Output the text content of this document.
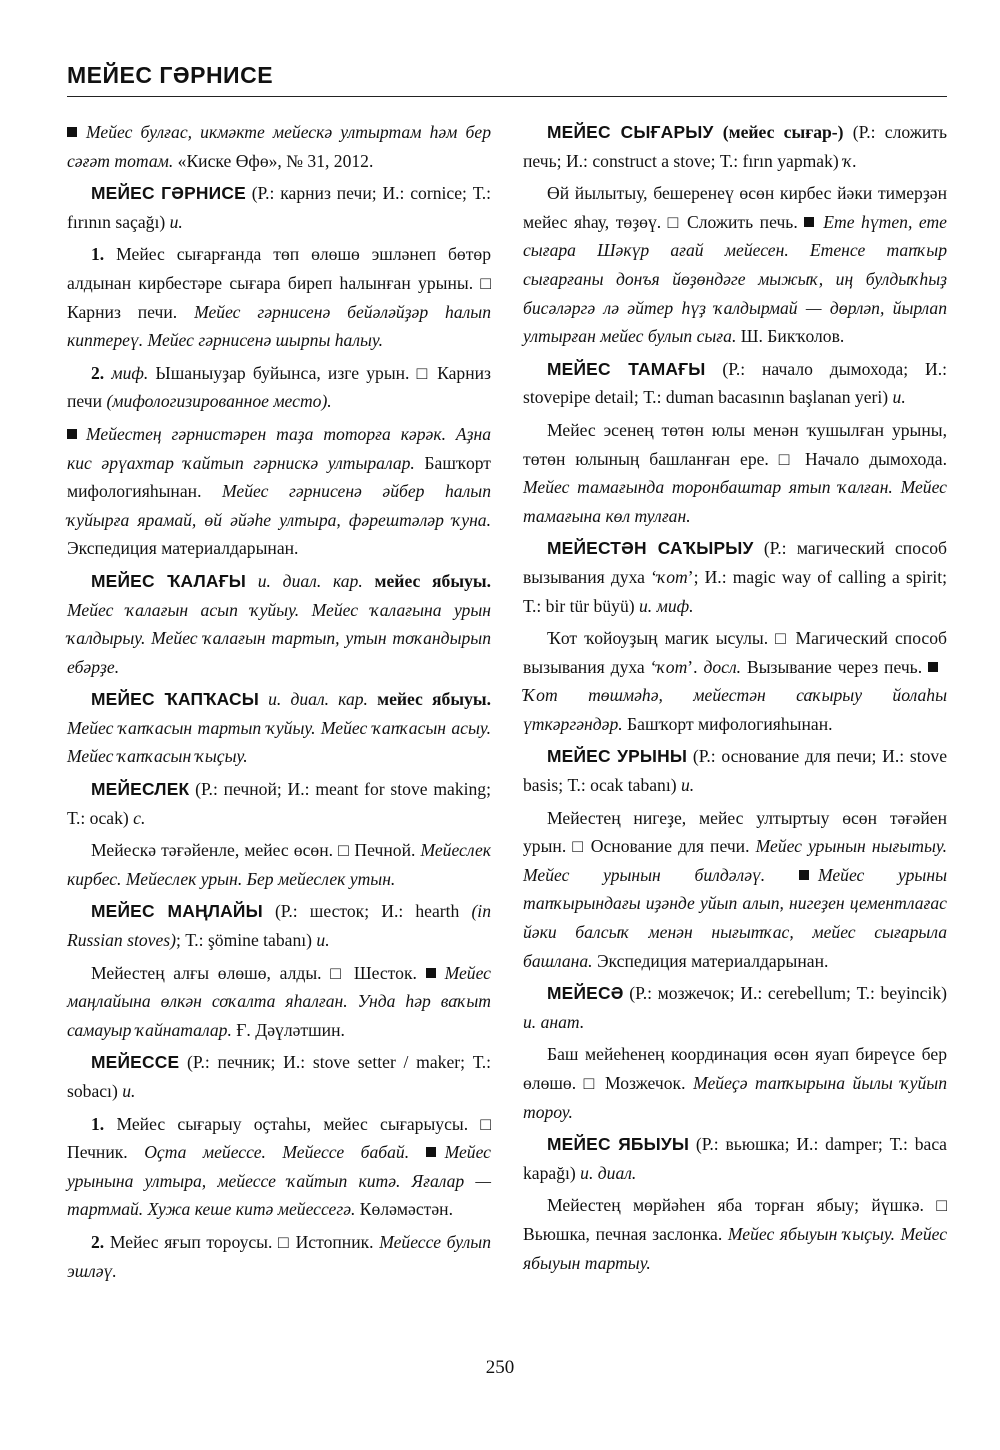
МЕЙЕС ГӘРНИСЕ

Мейес булғас, икмәкте мейескә ултыртам һәм бер сәғәт тотам. «Киске Өфө», № 31, 2012.

МЕЙЕС ГӘРНИСЕ (Р.: карниз печи; И.: cornice; Т.: fırının saçağı) и.

1. Мейес сығарғанда төп өлөшө эшләнеп бөтөр алдынан кирбестәре сығара биреп һалынған урыны. □ Карниз печи. Мейес гәрнисенә бейәләйҙәр һалып киптереү. Мейес гәрнисенә шырпы һалыу.

2. миф. Ышаныуҙар буйынса, изге урын. □ Карниз печи (мифологизированное место).

Мейестең гәрнистәрен таҙа тоторға кәрәк. Аҙна кис әрүахтар ҡайтып гәрнискә ултыралар. Башҡорт мифологияһынан. Мейес гәрнисенә әйбер һалып ҡуйырға ярамай, өй әйәһе ултыра, фәрештәләр ҡуна. Экспедиция материалдарынан.

МЕЙЕС ҠАЛАҒЫ и. диал. кар. мейес ябыуы. Мейес ҡалағын асып ҡуйыу. Мейес ҡалағына урын ҡалдырыу. Мейес ҡалағын тартып, утын тоҡандырып ебәрҙе.

МЕЙЕС ҠАПҠАСЫ и. диал. кар. мейес ябыуы. Мейес ҡапҡасын тартып ҡуйыу. Мейес ҡапҡасын асыу. Мейес ҡапҡасын ҡыҫыу.

МЕЙЕСЛЕК (Р.: печной; И.: meant for stove making; Т.: ocak) с.

Мейескә тәғәйенле, мейес өсөн. □ Печной. Мейеслек кирбес. Мейеслек урын. Бер мейеслек утын.

МЕЙЕС МАҢЛАЙЫ (Р.: шесток; И.: hearth (in Russian stoves); Т.: şömine tabanı) и.

Мейестең алғы өлөшө, алды. □ Шесток. Мейес маңлайына өлкән соҡалта яһалған. Унда һәр ваҡыт самауыр ҡайнаталар. Ғ. Дәүләтшин.

МЕЙЕССЕ (Р.: печник; И.: stove setter / maker; Т.: sobacı) и.

1. Мейес сығарыу оҫтаһы, мейес сығарыусы. □ Печник. Оҫта мейессе. Мейессе бабай. Мейес урынына ултыра, мейессе ҡайтып китә. Яғалар — тартмай. Хужа кеше китә мейессегә. Көләмәстән.

2. Мейес яғып тороусы. □ Истопник. Мейессе булып эшләү.

МЕЙЕС СЫҒАРЫУ (мейес сығар-) (Р.: сложить печь; И.: construct a stove; Т.: fırın yapmak) ҡ.

Өй йылытыу, бешеренеү өсөн кирбес йәки тимерҙән мейес яһау, төҙөү. □ Сложить печь. Ете һүтеп, ете сығара Шәкүр ағай мейесен. Етенсе тапҡыр сығарғаны донъя йөҙөндәге мыжыҡ, иң булдыҡһыҙ бисәләргә лә әйтер һүҙ ҡалдырмай — дөрләп, йырлап ултырған мейес булып сыға. Ш. Бикҡолов.

МЕЙЕС ТАМАҒЫ (Р.: начало дымохода; И.: stovepipe detail; Т.: duman bacasının başlanan yeri) и.

Мейес эсенең төтөн юлы менән ҡушылған урыны, төтөн юлының башланған ере. □ Начало дымохода. Мейес тамағында торонбаштар ятып ҡалған. Мейес тамағына көл тулған.

МЕЙЕСТӘН САҠЫРЫУ (Р.: магический способ вызывания духа ‘ҡот’; И.: magic way of calling a spirit; Т.: bir tür büyü) и. миф.

Ҡот ҡойоуҙың магик ысулы. □ Магический способ вызывания духа ‘ҡот’. досл. Вызывание через печь. Ҡот төшмәһә, мейестән саҡырыу йолаһы үткәргәндәр. Башҡорт мифологияһынан.

МЕЙЕС УРЫНЫ (Р.: основание для печи; И.: stove basis; Т.: ocak tabanı) и.

Мейестең нигеҙе, мейес ултыртыу өсөн тәғәйен урын. □ Основание для печи. Мейес урынын нығытыу. Мейес урынын билдәләү. Мейес урыны тапҡырындағы иҙәнде уйып алып, нигеҙен цементлағас йәки балсыҡ менән нығытҡас, мейес сығарыла башлана. Экспедиция материалдарынан.

МЕЙЕСӘ (Р.: мозжечок; И.: cerebellum; Т.: beyincik) и. анат.

Баш мейеһенең координация өсөн яуап биреүсе бер өлөшө. □ Мозжечок. Мейеҫә тапҡырына йылы ҡуйып тороу.

МЕЙЕС ЯБЫУЫ (Р.: вьюшка; И.: damper; Т.: baca kapağı) и. диал.

Мейестең мөрйәһен яба торған ябыу; йүшкә. □ Вьюшка, печная заслонка. Мейес ябыуын ҡыҫыу. Мейес ябыуын тартыу.

250
